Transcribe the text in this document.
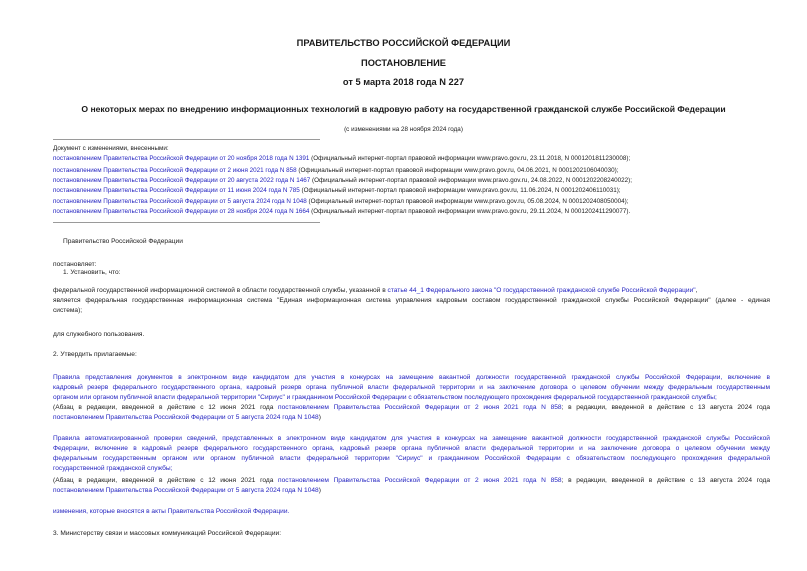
ПРАВИТЕЛЬСТВО РОССИЙСКОЙ ФЕДЕРАЦИИ
ПОСТАНОВЛЕНИЕ
от 5 марта 2018 года N 227
О некоторых мерах по внедрению информационных технологий в кадровую работу на государственной гражданской службе Российской Федерации
(с изменениями на 28 ноября 2024 года)
Документ с изменениями, внесенными:
постановлением Правительства Российской Федерации от 20 ноября 2018 года N 1391 (Официальный интернет-портал правовой информации www.pravo.gov.ru, 23.11.2018, N 0001201811230008);
постановлением Правительства Российской Федерации от 2 июня 2021 года N 858 (Официальный интернет-портал правовой информации www.pravo.gov.ru, 04.06.2021, N 0001202106040030);
постановлением Правительства Российской Федерации от 20 августа 2022 года N 1467 (Официальный интернет-портал правовой информации www.pravo.gov.ru, 24.08.2022, N 0001202208240022);
постановлением Правительства Российской Федерации от 11 июня 2024 года N 785 (Официальный интернет-портал правовой информации www.pravo.gov.ru, 11.06.2024, N 0001202406110031);
постановлением Правительства Российской Федерации от 5 августа 2024 года N 1048 (Официальный интернет-портал правовой информации www.pravo.gov.ru, 05.08.2024, N 0001202408050004);
постановлением Правительства Российской Федерации от 28 ноября 2024 года N 1664 (Официальный интернет-портал правовой информации www.pravo.gov.ru, 29.11.2024, N 0001202411290077).
Правительство Российской Федерации
постановляет:
1. Установить, что:
федеральной государственной информационной системой в области государственной службы, указанной в статье 44_1 Федерального закона "О государственной гражданской службе Российской Федерации",
является федеральная государственная информационная система "Единая информационная система управления кадровым составом государственной гражданской службы Российской Федерации" (далее - единая
система);
для служебного пользования.
2. Утвердить прилагаемые:
Правила представления документов в электронном виде кандидатом для участия в конкурсах на замещение вакантной должности государственной гражданской службы Российской Федерации, включение в
кадровый резерв федерального государственного органа, кадровый резерв органа публичной власти федеральной территории и на заключение договора о целевом обучении между федеральным государственным
органом или органом публичной власти федеральной территории "Сириус" и гражданином Российской Федерации с обязательством последующего прохождения федеральной государственной гражданской службы;
(Абзац в редакции, введенной в действие с 12 июня 2021 года постановлением Правительства Российской Федерации от 2 июня 2021 года N 858; в редакции, введенной в действие с 13 августа 2024 года
постановлением Правительства Российской Федерации от 5 августа 2024 года N 1048)
Правила автоматизированной проверки сведений, представленных в электронном виде кандидатом для участия в конкурсах на замещение вакантной должности государственной гражданской службы Российской
Федерации, включение в кадровый резерв федерального государственного органа, кадровый резерв органа публичной власти федеральной территории и на заключение договора о целевом обучении между
федеральным государственным органом или органом публичной власти федеральной территории "Сириус" и гражданином Российской Федерации с обязательством последующего прохождения федеральной
государственной гражданской службы;
(Абзац в редакции, введенной в действие с 12 июня 2021 года постановлением Правительства Российской Федерации от 2 июня 2021 года N 858; в редакции, введенной в действие с 13 августа 2024 года
постановлением Правительства Российской Федерации от 5 августа 2024 года N 1048)
изменения, которые вносятся в акты Правительства Российской Федерации.
3. Министерству связи и массовых коммуникаций Российской Федерации:
